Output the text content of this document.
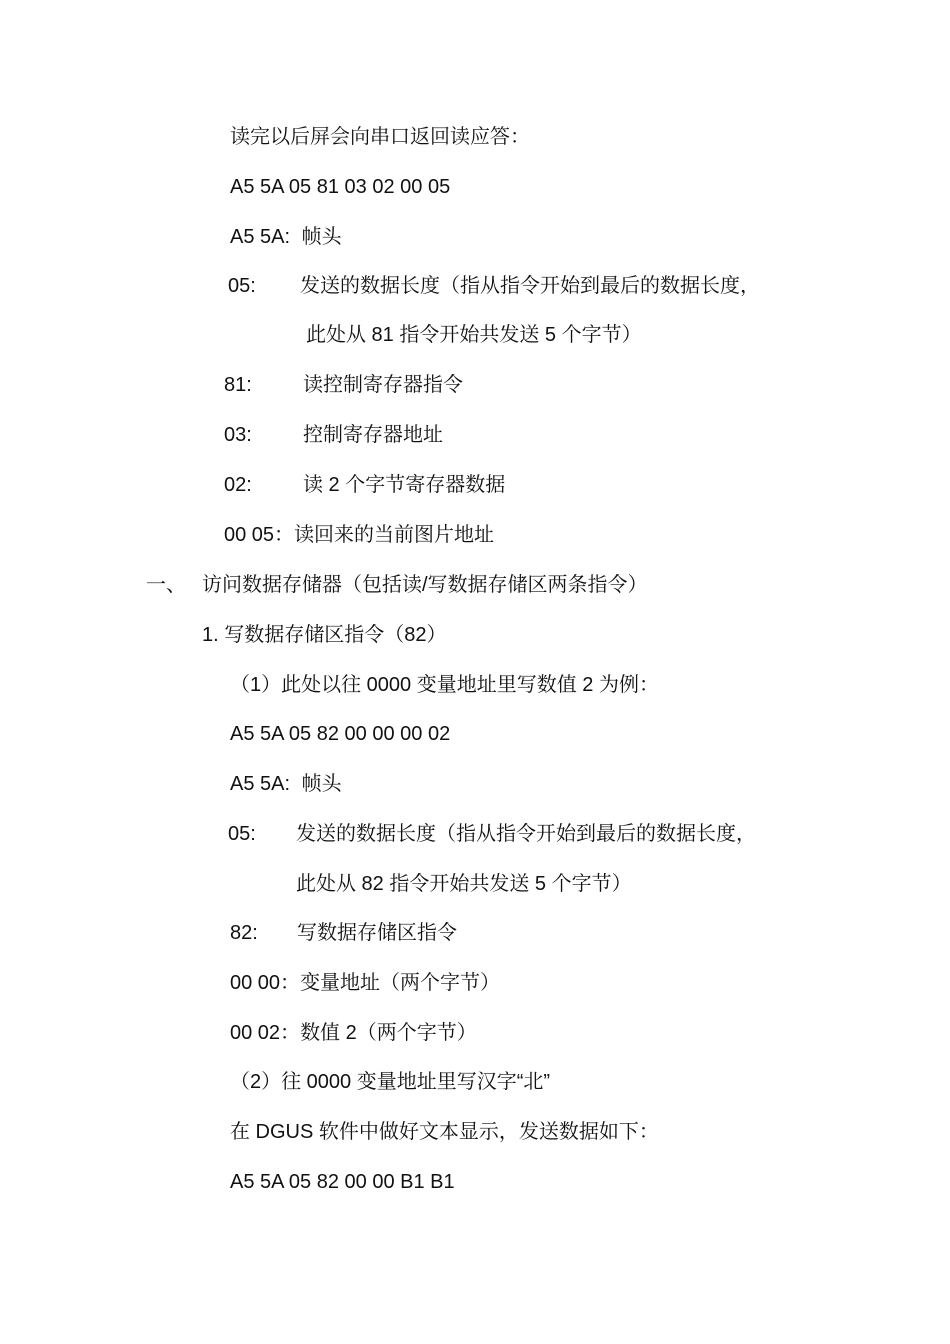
读完以后屏会向串口返回读应答：
A5 5A 05 81 03 02 00 05
A5 5A: 帧头
05: 发送的数据长度（指从指令开始到最后的数据长度，
此处从 81 指令开始共发送 5 个字节）
81:	读控制寄存器指令
03:	控制寄存器地址
02:	读 2 个字节寄存器数据
00 05：读回来的当前图片地址
一、 访问数据存储器（包括读/写数据存储区两条指令）
1. 写数据存储区指令（82）
（1）此处以往 0000 变量地址里写数值 2 为例：
A5 5A 05 82 00 00 00 02
A5 5A: 帧头
05: 发送的数据长度（指从指令开始到最后的数据长度，
此处从 82 指令开始共发送 5 个字节）
82: 写数据存储区指令
00 00：变量地址（两个字节）
00 02：数值 2（两个字节）
（2）往 0000 变量地址里写汉字“北”
在 DGUS 软件中做好文本显示，发送数据如下：
A5 5A 05 82 00 00 B1 B1
